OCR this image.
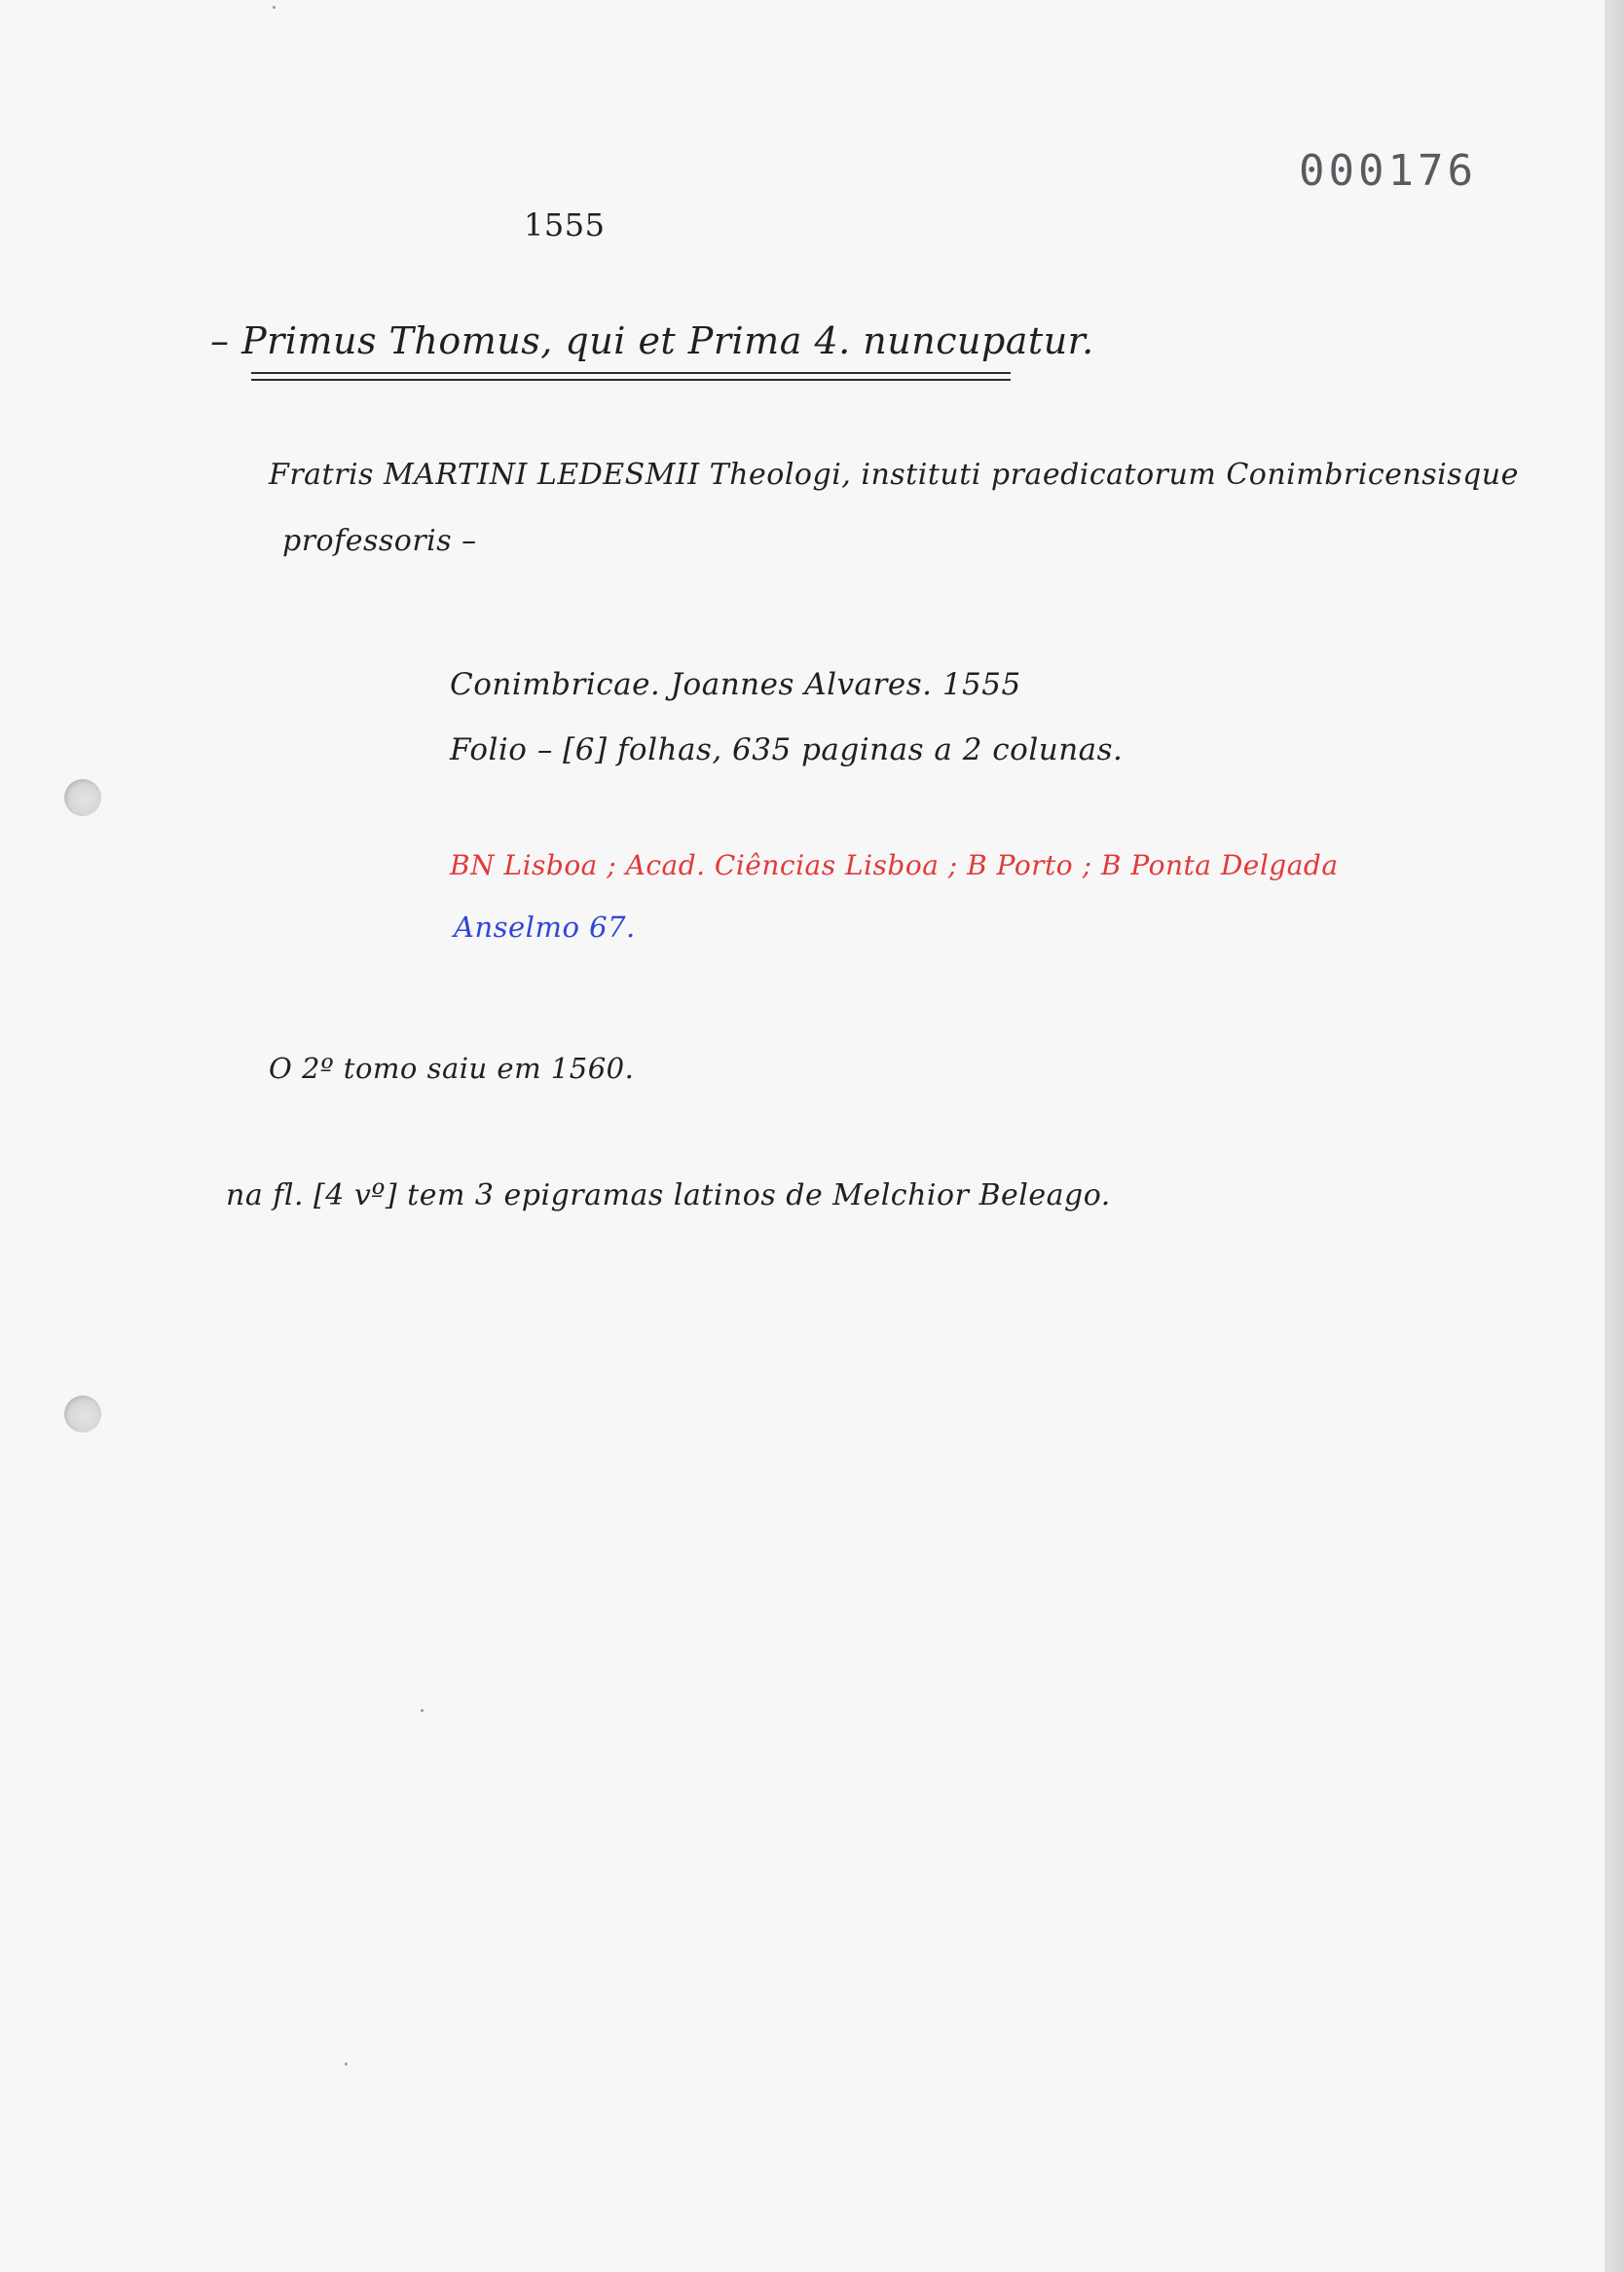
000176
1555
– Primus Thomus, qui et Prima 4. nuncupatur.
Fratris MARTINI LEDESMII Theologi, instituti praedicatorum Conimbricensisque
professoris –
Conimbricae. Joannes Alvares. 1555
Folio – [6] folhas, 635 paginas a 2 colunas.
BN Lisboa ; Acad. Ciências Lisboa ; B Porto ; B Ponta Delgada
Anselmo 67.
O 2º tomo saiu em 1560.
na fl. [4 vº] tem 3 epigramas latinos de Melchior Beleago.
